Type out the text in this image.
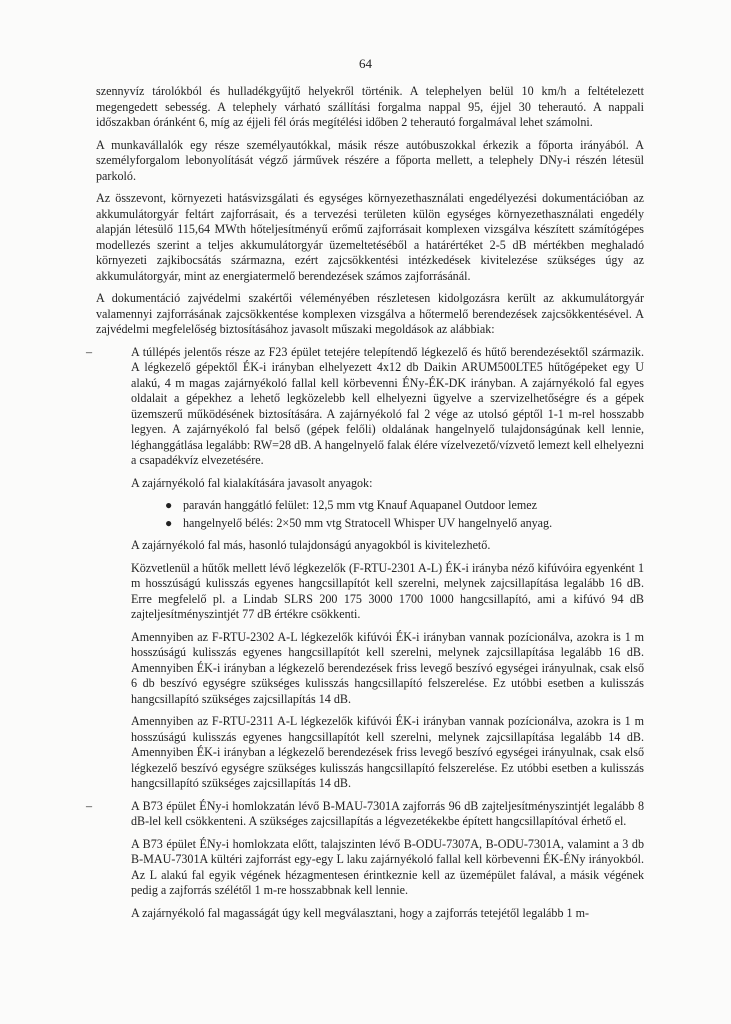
64

szennyvíz tárolókból és hulladékgyűjtő helyekről történik. A telephelyen belül 10 km/h a feltételezett megengedett sebesség. A telephely várható szállítási forgalma nappal 95, éjjel 30 teherautó. A nappali időszakban óránként 6, míg az éjjeli fél órás megítélési időben 2 teherautó forgalmával lehet számolni.

A munkavállalók egy része személyautókkal, másik része autóbuszokkal érkezik a főporta irányából. A személyforgalom lebonyolítását végző járművek részére a főporta mellett, a telephely DNy-i részén létesül parkoló.

Az összevont, környezeti hatásvizsgálati és egységes környezethasználati engedélyezési dokumentációban az akkumulátorgyár feltárt zajforrásait, és a tervezési területen külön egységes környezethasználati engedély alapján létesülő 115,64 MWth hőteljesítményű erőmű zajforrásait komplexen vizsgálva készített számítógépes modellezés szerint a teljes akkumulátorgyár üzemeltetéséből a határértéket 2-5 dB mértékben meghaladó környezeti zajkibocsátás származna, ezért zajcsökkentési intézkedések kivitelezése szükséges úgy az akkumulátorgyár, mint az energiatermelő berendezések számos zajforrásánál.

A dokumentáció zajvédelmi szakértői véleményében részletesen kidolgozásra került az akkumulátorgyár valamennyi zajforrásának zajcsökkentése komplexen vizsgálva a hőtermelő berendezések zajcsökkentésével. A zajvédelmi megfelelőség biztosításához javasolt műszaki megoldások az alábbiak:

–	A túllépés jelentős része az F23 épület tetejére telepítendő légkezelő és hűtő berendezésektől származik. A légkezelő gépektől ÉK-i irányban elhelyezett 4x12 db Daikin ARUM500LTE5 hűtőgépeket egy U alakú, 4 m magas zajárnyékoló fallal kell körbevenni ÉNy-ÉK-DK irányban. A zajárnyékoló fal egyes oldalait a gépekhez a lehető legközelebb kell elhelyezni ügyelve a szervizelhetőségre és a gépek üzemszerű működésének biztosítására. A zajárnyékoló fal 2 vége az utolsó géptől 1-1 m-rel hosszabb legyen. A zajárnyékoló fal belső (gépek felőli) oldalának hangelnyelő tulajdonságúnak kell lennie, léghanggátlása legalább: RW=28 dB. A hangelnyelő falak élére vízelvezető/vízvető lemezt kell elhelyezni a csapadékvíz elvezetésére.

A zajárnyékoló fal kialakítására javasolt anyagok:

● paraván hanggátló felület: 12,5 mm vtg Knauf Aquapanel Outdoor lemez
● hangelnyelő bélés: 2×50 mm vtg Stratocell Whisper UV hangelnyelő anyag.

A zajárnyékoló fal más, hasonló tulajdonságú anyagokból is kivitelezhető.

Közvetlenül a hűtők mellett lévő légkezelők (F-RTU-2301 A-L) ÉK-i irányba néző kifúvóira egyenként 1 m hosszúságú kulisszás egyenes hangcsillapítót kell szerelni, melynek zajcsillapítása legalább 16 dB. Erre megfelelő pl. a Lindab SLRS 200 175 3000 1700 1000 hangcsillapító, ami a kifúvó 94 dB zajteljesítményszintjét 77 dB értékre csökkenti.

Amennyiben az F-RTU-2302 A-L légkezelők kifúvói ÉK-i irányban vannak pozícionálva, azokra is 1 m hosszúságú kulisszás egyenes hangcsillapítót kell szerelni, melynek zajcsillapítása legalább 16 dB. Amennyiben ÉK-i irányban a légkezelő berendezések friss levegő beszívó egységei irányulnak, csak első 6 db beszívó egységre szükséges kulisszás hangcsillapító felszerelése. Ez utóbbi esetben a kulisszás hangcsillapító szükséges zajcsillapítás 14 dB.

Amennyiben az F-RTU-2311 A-L légkezelők kifúvói ÉK-i irányban vannak pozícionálva, azokra is 1 m hosszúságú kulisszás egyenes hangcsillapítót kell szerelni, melynek zajcsillapítása legalább 14 dB. Amennyiben ÉK-i irányban a légkezelő berendezések friss levegő beszívó egységei irányulnak, csak első légkezelő beszívó egységre szükséges kulisszás hangcsillapító felszerelése. Ez utóbbi esetben a kulisszás hangcsillapító szükséges zajcsillapítás 14 dB.

–	A B73 épület ÉNy-i homlokzatán lévő B-MAU-7301A zajforrás 96 dB zajteljesítményszintjét legalább 8 dB-lel kell csökkenteni. A szükséges zajcsillapítás a légvezetékekbe épített hangcsillapítóval érhető el.

A B73 épület ÉNy-i homlokzata előtt, talajszinten lévő B-ODU-7307A, B-ODU-7301A, valamint a 3 db B-MAU-7301A kültéri zajforrást egy-egy L laku zajárnyékoló fallal kell körbevenni ÉK-ÉNy irányokból. Az L alakú fal egyik végének hézagmentesen érintkeznie kell az üzemépület falával, a másik végének pedig a zajforrás szélétől 1 m-re hosszabbnak kell lennie.

A zajárnyékoló fal magasságát úgy kell megválasztani, hogy a zajforrás tetejétől legalább 1 m-
